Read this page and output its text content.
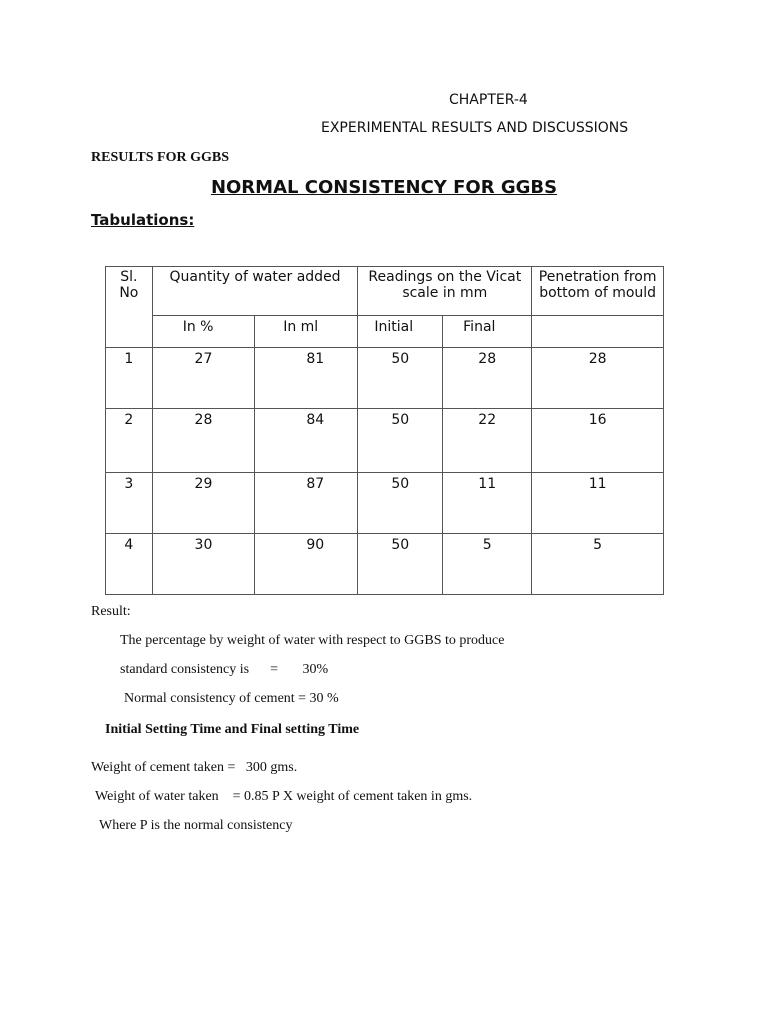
CHAPTER-4
EXPERIMENTAL RESULTS AND DISCUSSIONS
RESULTS FOR GGBS
NORMAL CONSISTENCY FOR GGBS
Tabulations:
Sl.
No	Quantity of water added		Readings on the Vicat scale in mm		Penetration from bottom of mould
	In %	In ml	Initial	Final	
1	27	81	50	28	28
2	28	84	50	22	16
3	29	87	50	11	11
4	30	90	50	5	5
Result:
The percentage by weight of water with respect to GGBS to produce
standard consistency is      =       30%
Normal consistency of cement = 30 %
Initial Setting Time and Final setting Time
Weight of cement taken =   300 gms.
Weight of water taken    = 0.85 P X weight of cement taken in gms.
Where P is the normal consistency
